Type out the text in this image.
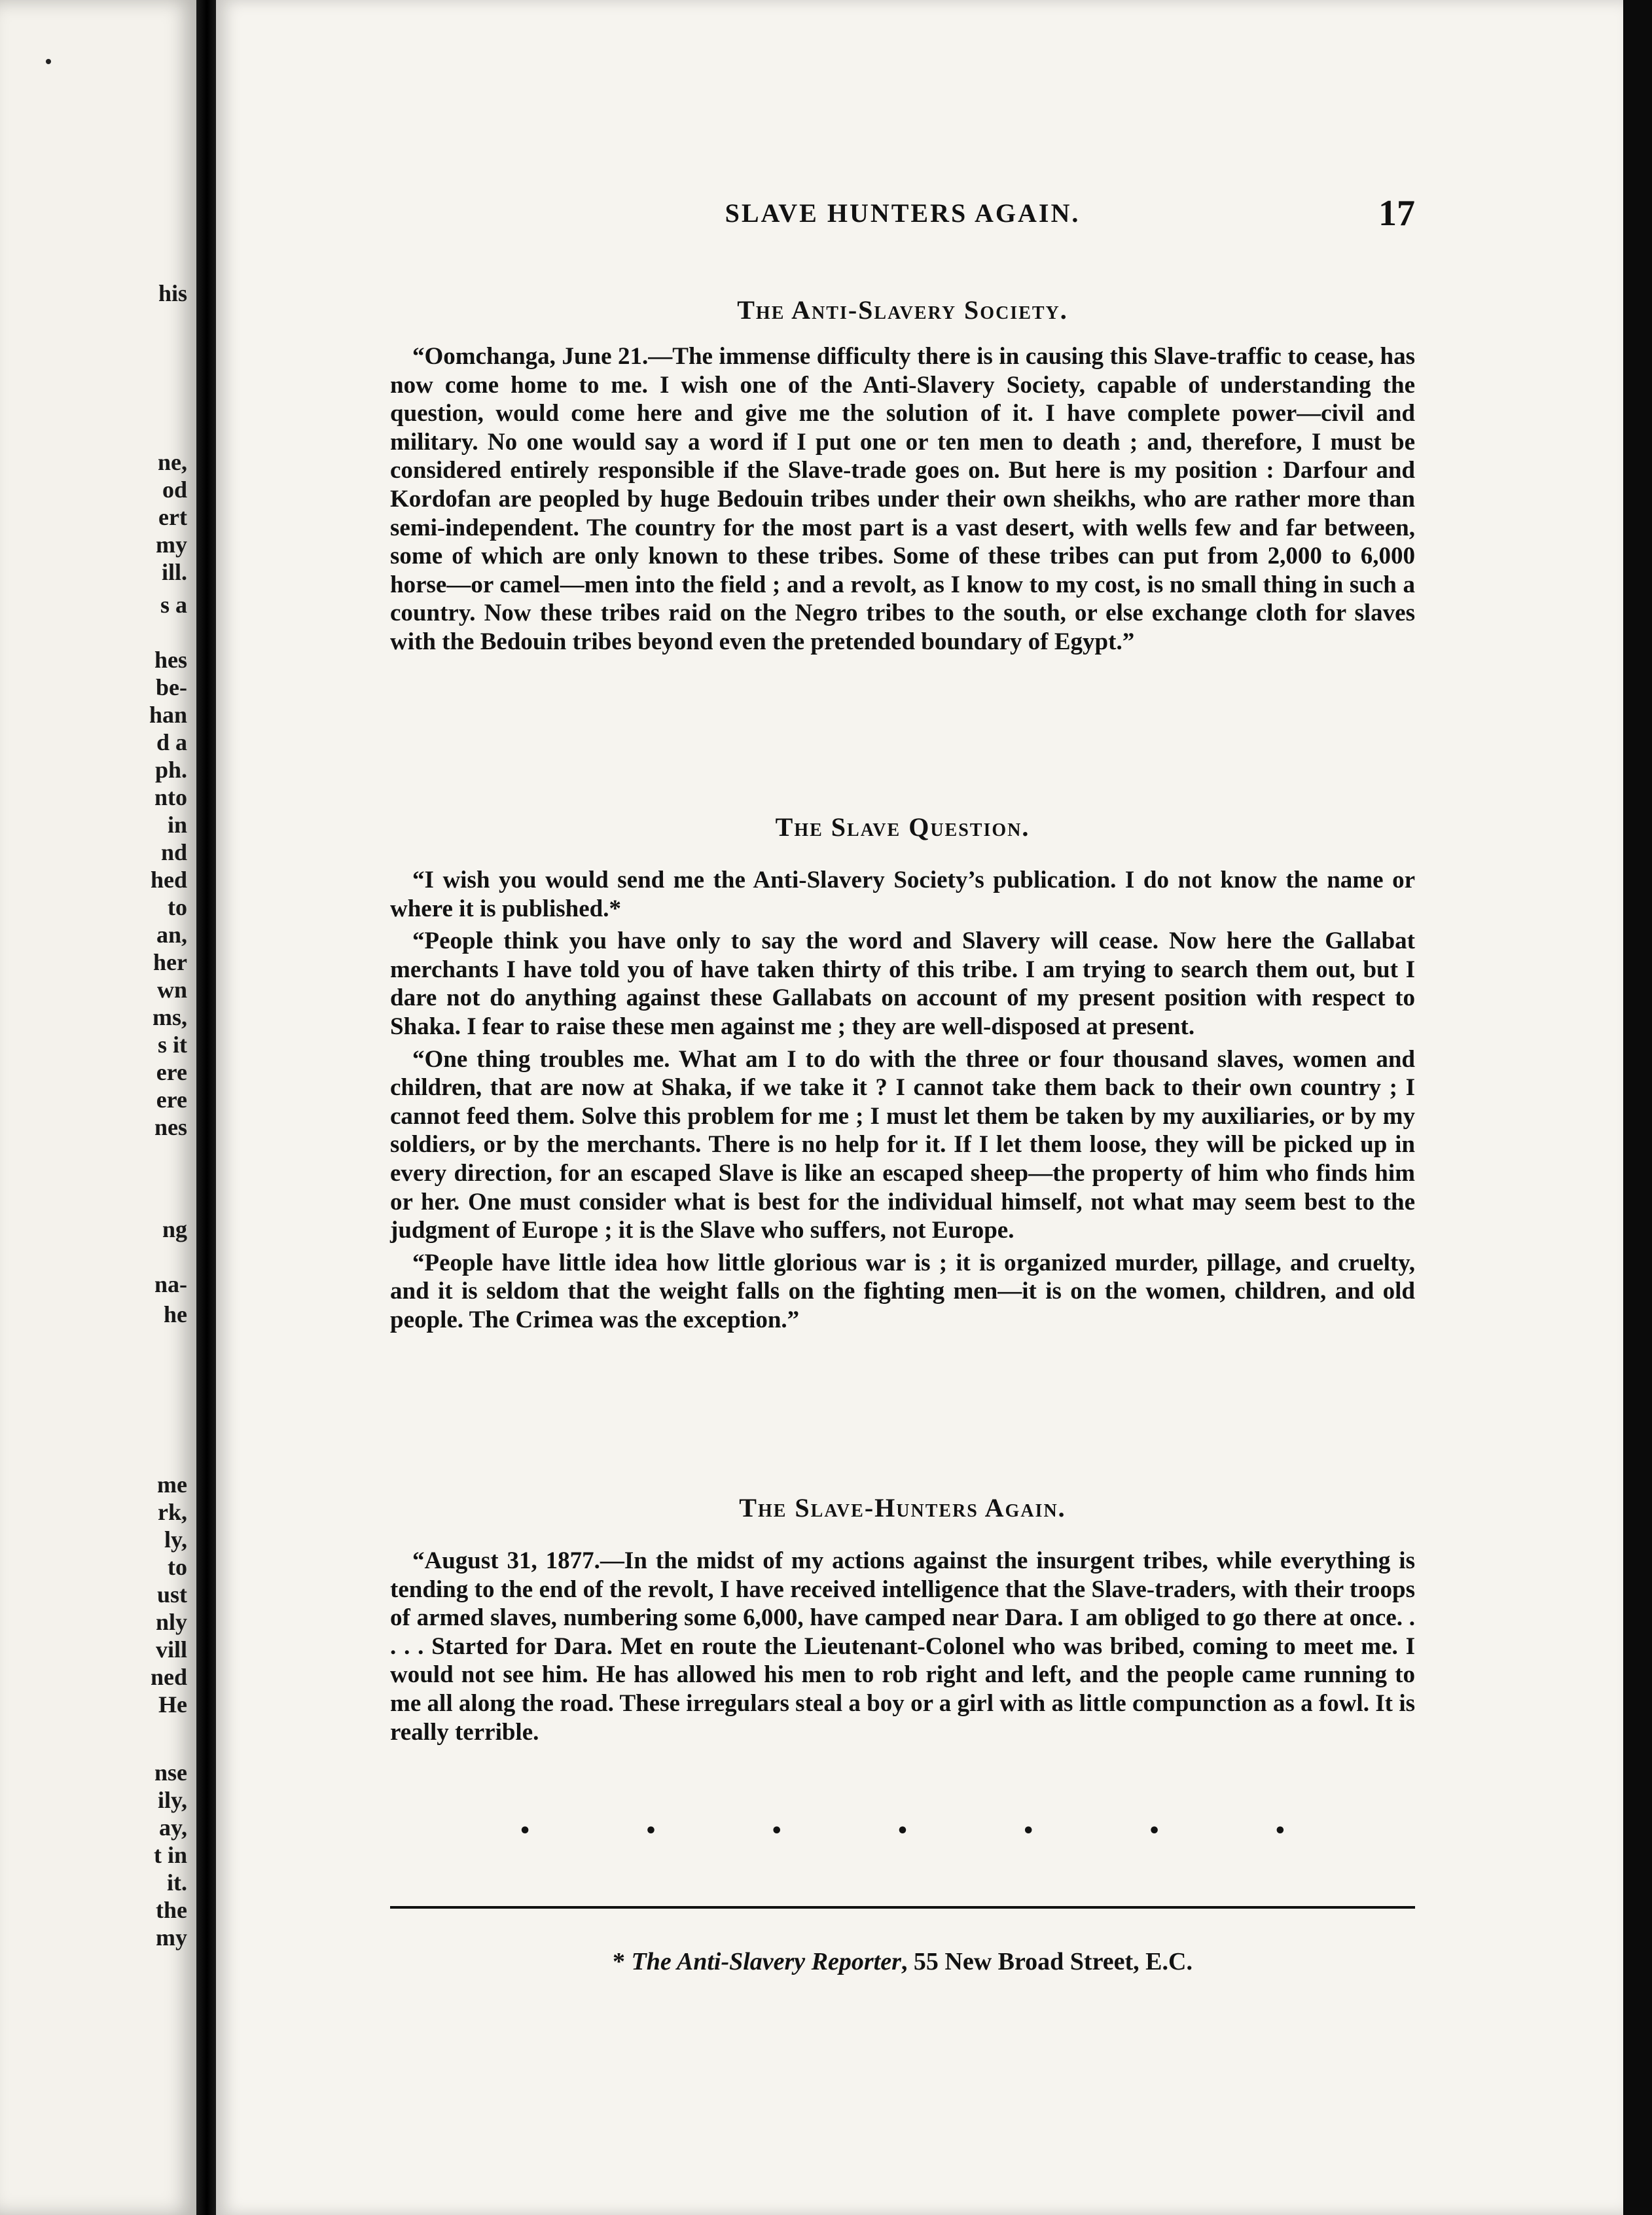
his
ne,
od
ert
my
ill.
s a
hes
be-
han
d a
ph.
nto
in
nd
hed
to
an,
her
wn
ms,
s it
ere
ere
nes
ng
na-
he
me
rk,
ly,
to
ust
nly
vill
ned
He
nse
ily,
ay,
t in
it.
the
my
SLAVE HUNTERS AGAIN.	17
The Anti-Slavery Society.

“Oomchanga, June 21.—The immense difficulty there is in causing this Slave-traffic to cease, has now come home to me. I wish one of the Anti-Slavery Society, capable of understanding the question, would come here and give me the solution of it. I have complete power—civil and military. No one would say a word if I put one or ten men to death ; and, therefore, I must be considered entirely responsible if the Slave-trade goes on. But here is my position : Darfour and Kordofan are peopled by huge Bedouin tribes under their own sheikhs, who are rather more than semi-independent. The country for the most part is a vast desert, with wells few and far between, some of which are only known to these tribes. Some of these tribes can put from 2,000 to 6,000 horse—or camel—men into the field ; and a revolt, as I know to my cost, is no small thing in such a country. Now these tribes raid on the Negro tribes to the south, or else exchange cloth for slaves with the Bedouin tribes beyond even the pretended boundary of Egypt.”

The Slave Question.

“I wish you would send me the Anti-Slavery Society’s publication. I do not know the name or where it is published.*

“People think you have only to say the word and Slavery will cease. Now here the Gallabat merchants I have told you of have taken thirty of this tribe. I am trying to search them out, but I dare not do anything against these Gallabats on account of my present position with respect to Shaka. I fear to raise these men against me ; they are well-disposed at present.

“One thing troubles me. What am I to do with the three or four thousand slaves, women and children, that are now at Shaka, if we take it ? I cannot take them back to their own country ; I cannot feed them. Solve this problem for me ; I must let them be taken by my auxiliaries, or by my soldiers, or by the merchants. There is no help for it. If I let them loose, they will be picked up in every direction, for an escaped Slave is like an escaped sheep—the property of him who finds him or her. One must consider what is best for the individual himself, not what may seem best to the judgment of Europe ; it is the Slave who suffers, not Europe.

“People have little idea how little glorious war is ; it is organized murder, pillage, and cruelty, and it is seldom that the weight falls on the fighting men—it is on the women, children, and old people. The Crimea was the exception.”

The Slave-Hunters Again.

“August 31, 1877.—In the midst of my actions against the insurgent tribes, while everything is tending to the end of the revolt, I have received intelligence that the Slave-traders, with their troops of armed slaves, numbering some 6,000, have camped near Dara. I am obliged to go there at once. . . . . Started for Dara. Met en route the Lieutenant-Colonel who was bribed, coming to meet me. I would not see him. He has allowed his men to rob right and left, and the people came running to me all along the road. These irregulars steal a boy or a girl with as little compunction as a fowl. It is really terrible.

•	•	•	•	•	•	•
* The Anti-Slavery Reporter, 55 New Broad Street, E.C.
